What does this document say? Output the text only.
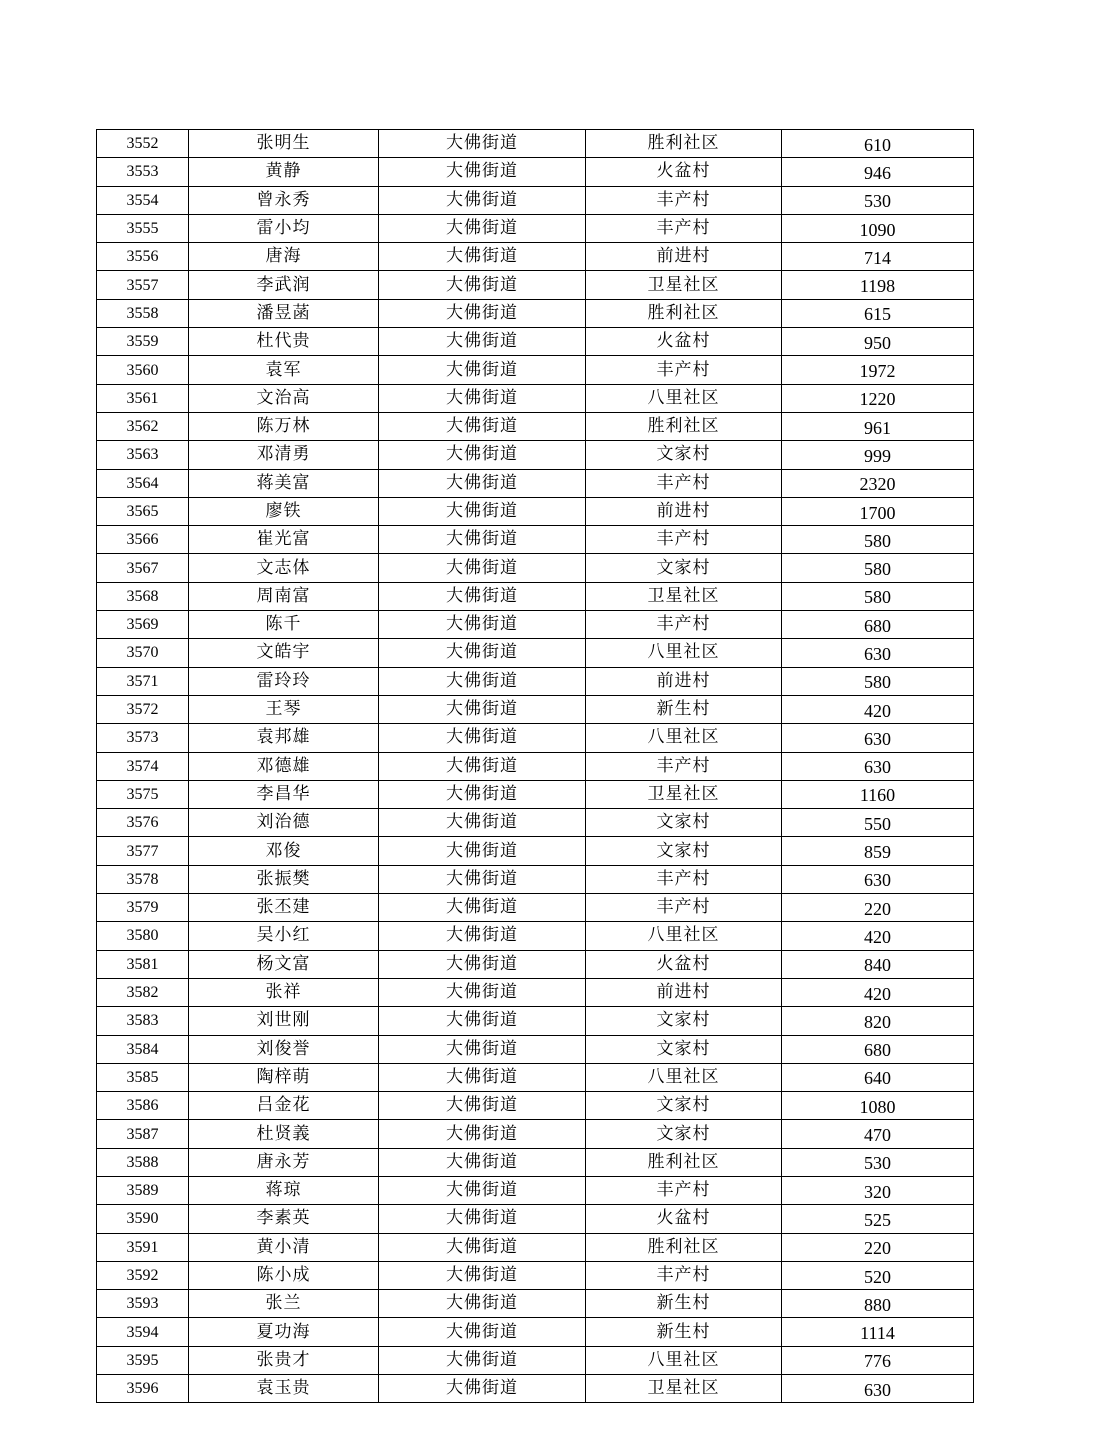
3552	张明生	大佛街道	胜利社区	610
3553	黄静	大佛街道	火盆村	946
3554	曾永秀	大佛街道	丰产村	530
3555	雷小均	大佛街道	丰产村	1090
3556	唐海	大佛街道	前进村	714
3557	李武润	大佛街道	卫星社区	1198
3558	潘昱菡	大佛街道	胜利社区	615
3559	杜代贵	大佛街道	火盆村	950
3560	袁军	大佛街道	丰产村	1972
3561	文治高	大佛街道	八里社区	1220
3562	陈万林	大佛街道	胜利社区	961
3563	邓清勇	大佛街道	文家村	999
3564	蒋美富	大佛街道	丰产村	2320
3565	廖铁	大佛街道	前进村	1700
3566	崔光富	大佛街道	丰产村	580
3567	文志体	大佛街道	文家村	580
3568	周南富	大佛街道	卫星社区	580
3569	陈千	大佛街道	丰产村	680
3570	文皓宇	大佛街道	八里社区	630
3571	雷玲玲	大佛街道	前进村	580
3572	王琴	大佛街道	新生村	420
3573	袁邦雄	大佛街道	八里社区	630
3574	邓德雄	大佛街道	丰产村	630
3575	李昌华	大佛街道	卫星社区	1160
3576	刘治德	大佛街道	文家村	550
3577	邓俊	大佛街道	文家村	859
3578	张振樊	大佛街道	丰产村	630
3579	张丕建	大佛街道	丰产村	220
3580	吴小红	大佛街道	八里社区	420
3581	杨文富	大佛街道	火盆村	840
3582	张祥	大佛街道	前进村	420
3583	刘世刚	大佛街道	文家村	820
3584	刘俊誉	大佛街道	文家村	680
3585	陶梓萌	大佛街道	八里社区	640
3586	吕金花	大佛街道	文家村	1080
3587	杜贤義	大佛街道	文家村	470
3588	唐永芳	大佛街道	胜利社区	530
3589	蒋琼	大佛街道	丰产村	320
3590	李素英	大佛街道	火盆村	525
3591	黄小清	大佛街道	胜利社区	220
3592	陈小成	大佛街道	丰产村	520
3593	张兰	大佛街道	新生村	880
3594	夏功海	大佛街道	新生村	1114
3595	张贵才	大佛街道	八里社区	776
3596	袁玉贵	大佛街道	卫星社区	630
